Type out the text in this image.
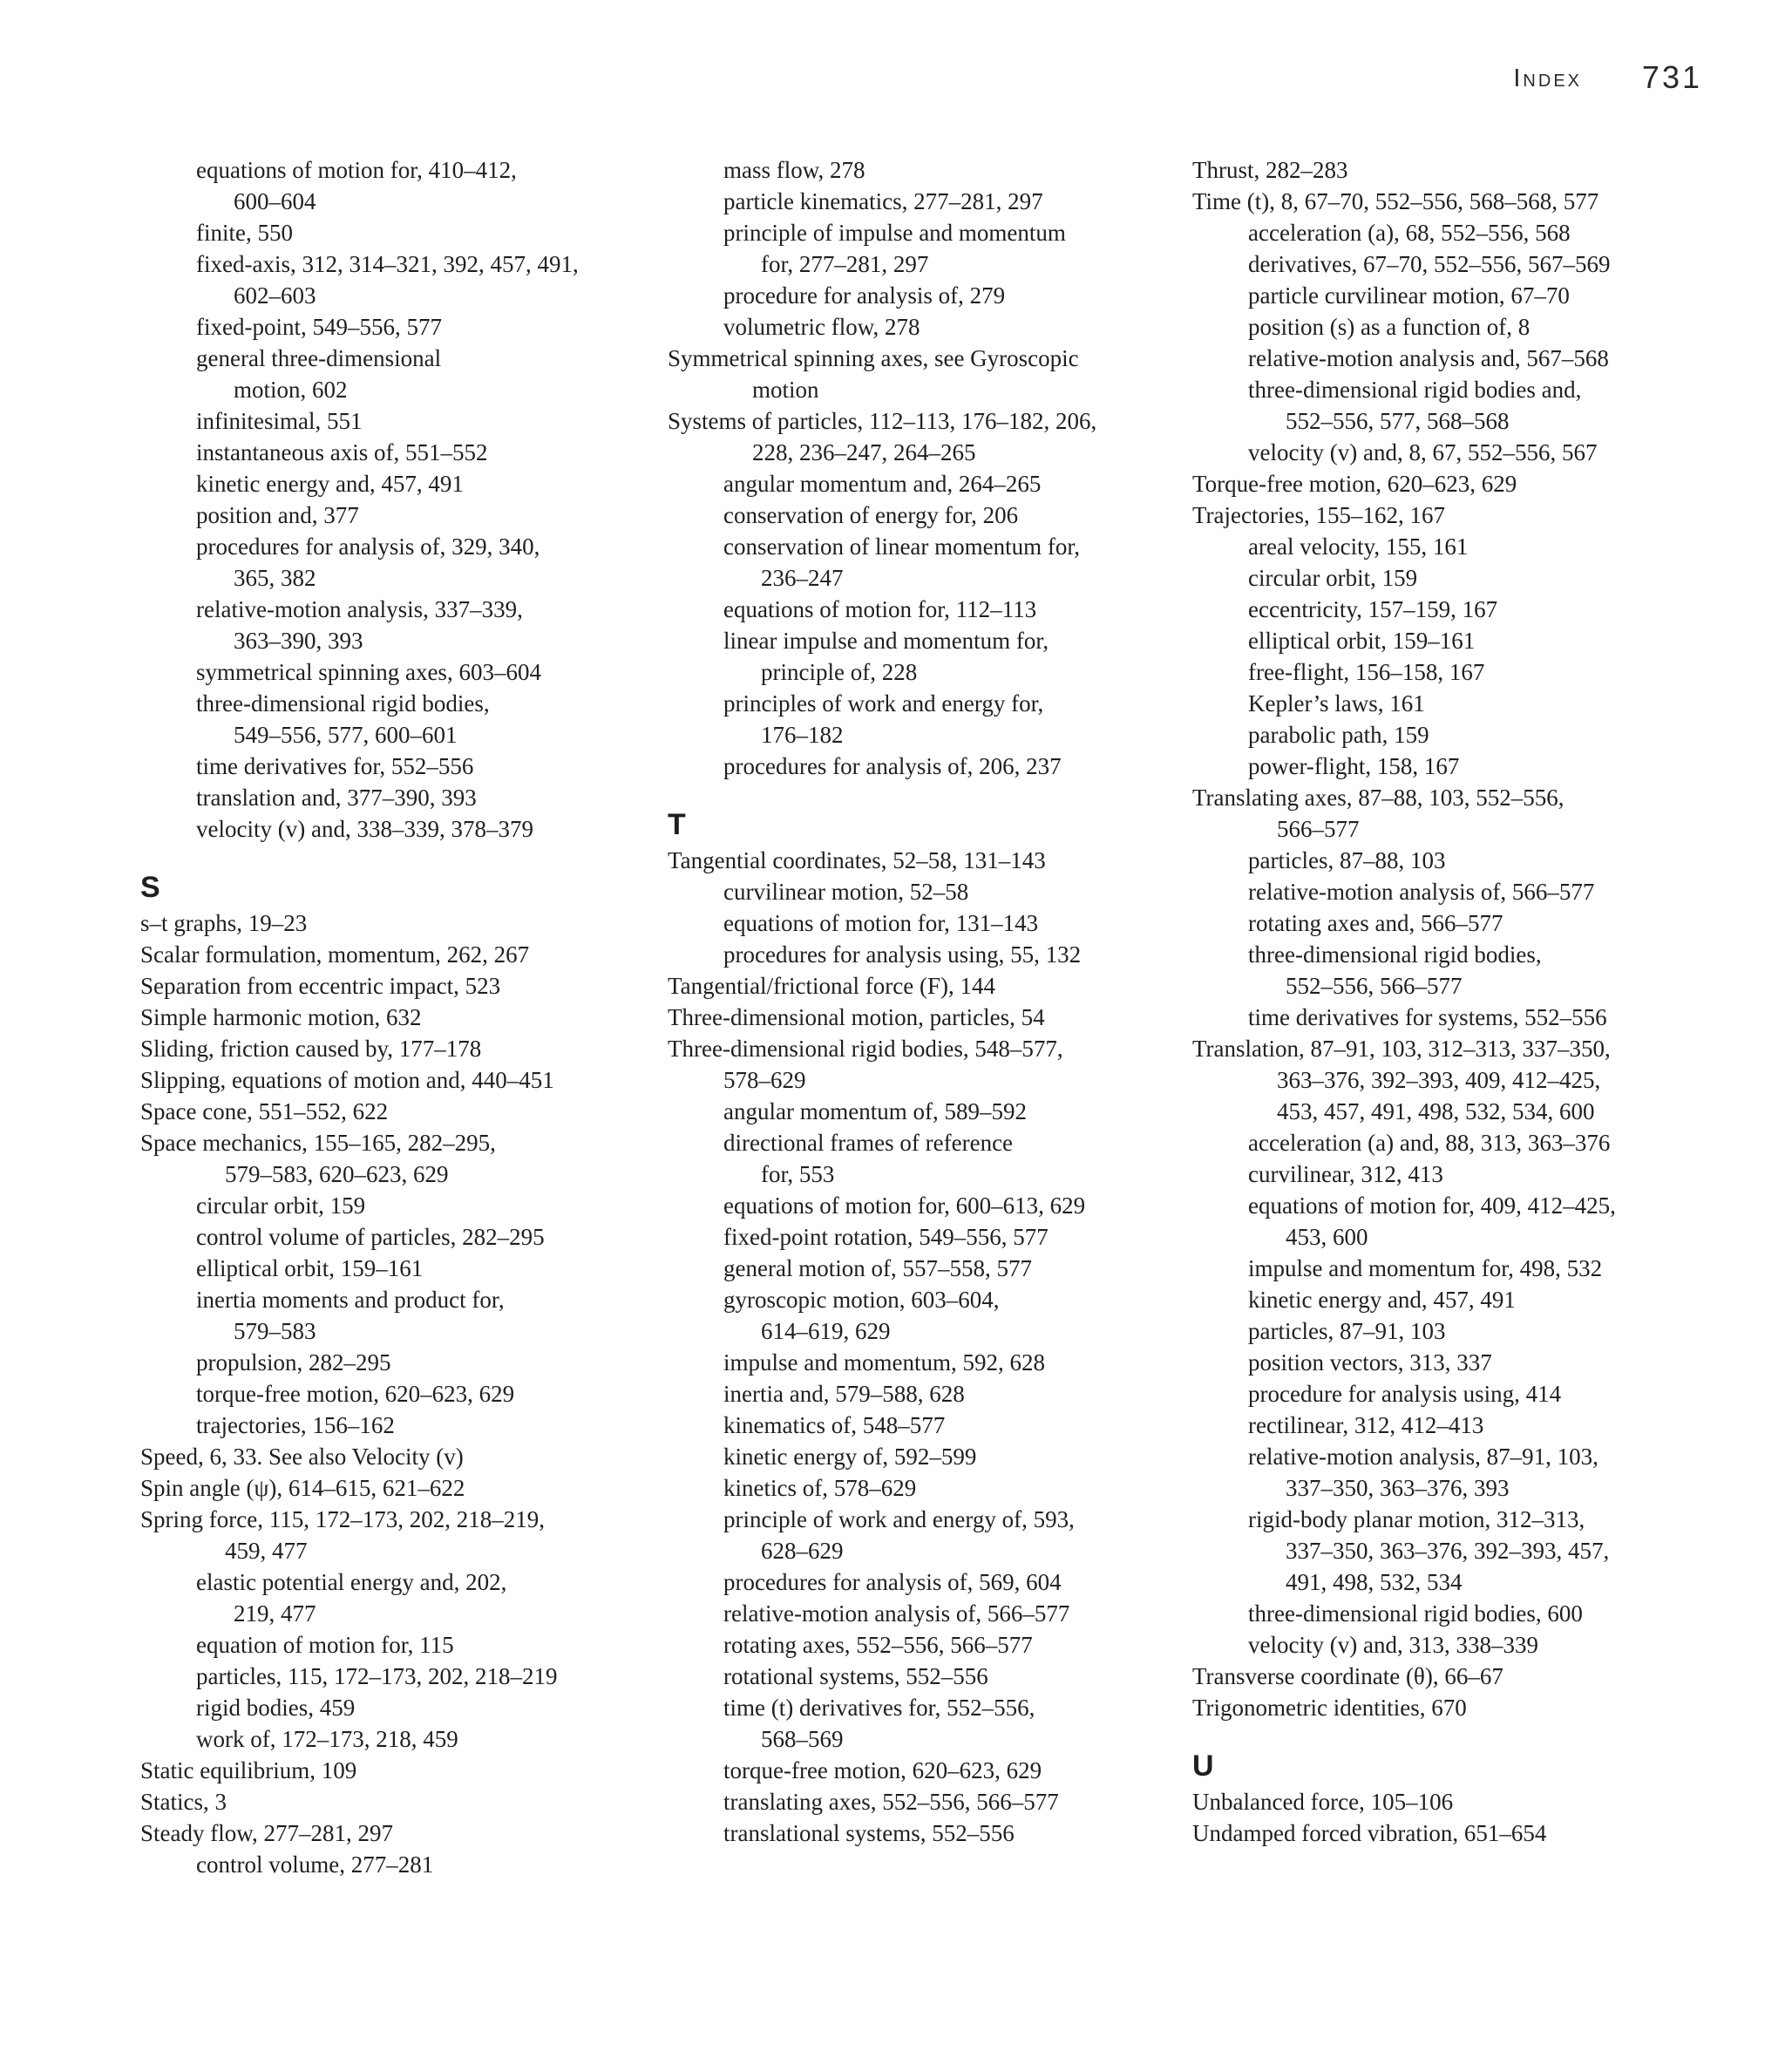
Index 731
equations of motion for, 410–412,
600–604
finite, 550
fixed-axis, 312, 314–321, 392, 457, 491,
602–603
fixed-point, 549–556, 577
general three-dimensional
motion, 602
infinitesimal, 551
instantaneous axis of, 551–552
kinetic energy and, 457, 491
position and, 377
procedures for analysis of, 329, 340,
365, 382
relative-motion analysis, 337–339,
363–390, 393
symmetrical spinning axes, 603–604
three-dimensional rigid bodies,
549–556, 577, 600–601
time derivatives for, 552–556
translation and, 377–390, 393
velocity (v) and, 338–339, 378–379
S
s–t graphs, 19–23
Scalar formulation, momentum, 262, 267
Separation from eccentric impact, 523
Simple harmonic motion, 632
Sliding, friction caused by, 177–178
Slipping, equations of motion and, 440–451
Space cone, 551–552, 622
Space mechanics, 155–165, 282–295,
579–583, 620–623, 629
circular orbit, 159
control volume of particles, 282–295
elliptical orbit, 159–161
inertia moments and product for,
579–583
propulsion, 282–295
torque-free motion, 620–623, 629
trajectories, 156–162
Speed, 6, 33. See also Velocity (v)
Spin angle (ψ), 614–615, 621–622
Spring force, 115, 172–173, 202, 218–219,
459, 477
elastic potential energy and, 202,
219, 477
equation of motion for, 115
particles, 115, 172–173, 202, 218–219
rigid bodies, 459
work of, 172–173, 218, 459
Static equilibrium, 109
Statics, 3
Steady flow, 277–281, 297
control volume, 277–281
mass flow, 278
particle kinematics, 277–281, 297
principle of impulse and momentum
for, 277–281, 297
procedure for analysis of, 279
volumetric flow, 278
Symmetrical spinning axes, see Gyroscopic
motion
Systems of particles, 112–113, 176–182, 206,
228, 236–247, 264–265
angular momentum and, 264–265
conservation of energy for, 206
conservation of linear momentum for,
236–247
equations of motion for, 112–113
linear impulse and momentum for,
principle of, 228
principles of work and energy for,
176–182
procedures for analysis of, 206, 237
T
Tangential coordinates, 52–58, 131–143
curvilinear motion, 52–58
equations of motion for, 131–143
procedures for analysis using, 55, 132
Tangential/frictional force (F), 144
Three-dimensional motion, particles, 54
Three-dimensional rigid bodies, 548–577,
578–629
angular momentum of, 589–592
directional frames of reference
for, 553
equations of motion for, 600–613, 629
fixed-point rotation, 549–556, 577
general motion of, 557–558, 577
gyroscopic motion, 603–604,
614–619, 629
impulse and momentum, 592, 628
inertia and, 579–588, 628
kinematics of, 548–577
kinetic energy of, 592–599
kinetics of, 578–629
principle of work and energy of, 593,
628–629
procedures for analysis of, 569, 604
relative-motion analysis of, 566–577
rotating axes, 552–556, 566–577
rotational systems, 552–556
time (t) derivatives for, 552–556,
568–569
torque-free motion, 620–623, 629
translating axes, 552–556, 566–577
translational systems, 552–556
Thrust, 282–283
Time (t), 8, 67–70, 552–556, 568–568, 577
acceleration (a), 68, 552–556, 568
derivatives, 67–70, 552–556, 567–569
particle curvilinear motion, 67–70
position (s) as a function of, 8
relative-motion analysis and, 567–568
three-dimensional rigid bodies and,
552–556, 577, 568–568
velocity (v) and, 8, 67, 552–556, 567
Torque-free motion, 620–623, 629
Trajectories, 155–162, 167
areal velocity, 155, 161
circular orbit, 159
eccentricity, 157–159, 167
elliptical orbit, 159–161
free-flight, 156–158, 167
Kepler’s laws, 161
parabolic path, 159
power-flight, 158, 167
Translating axes, 87–88, 103, 552–556,
566–577
particles, 87–88, 103
relative-motion analysis of, 566–577
rotating axes and, 566–577
three-dimensional rigid bodies,
552–556, 566–577
time derivatives for systems, 552–556
Translation, 87–91, 103, 312–313, 337–350,
363–376, 392–393, 409, 412–425,
453, 457, 491, 498, 532, 534, 600
acceleration (a) and, 88, 313, 363–376
curvilinear, 312, 413
equations of motion for, 409, 412–425,
453, 600
impulse and momentum for, 498, 532
kinetic energy and, 457, 491
particles, 87–91, 103
position vectors, 313, 337
procedure for analysis using, 414
rectilinear, 312, 412–413
relative-motion analysis, 87–91, 103,
337–350, 363–376, 393
rigid-body planar motion, 312–313,
337–350, 363–376, 392–393, 457,
491, 498, 532, 534
three-dimensional rigid bodies, 600
velocity (v) and, 313, 338–339
Transverse coordinate (θ), 66–67
Trigonometric identities, 670
U
Unbalanced force, 105–106
Undamped forced vibration, 651–654
